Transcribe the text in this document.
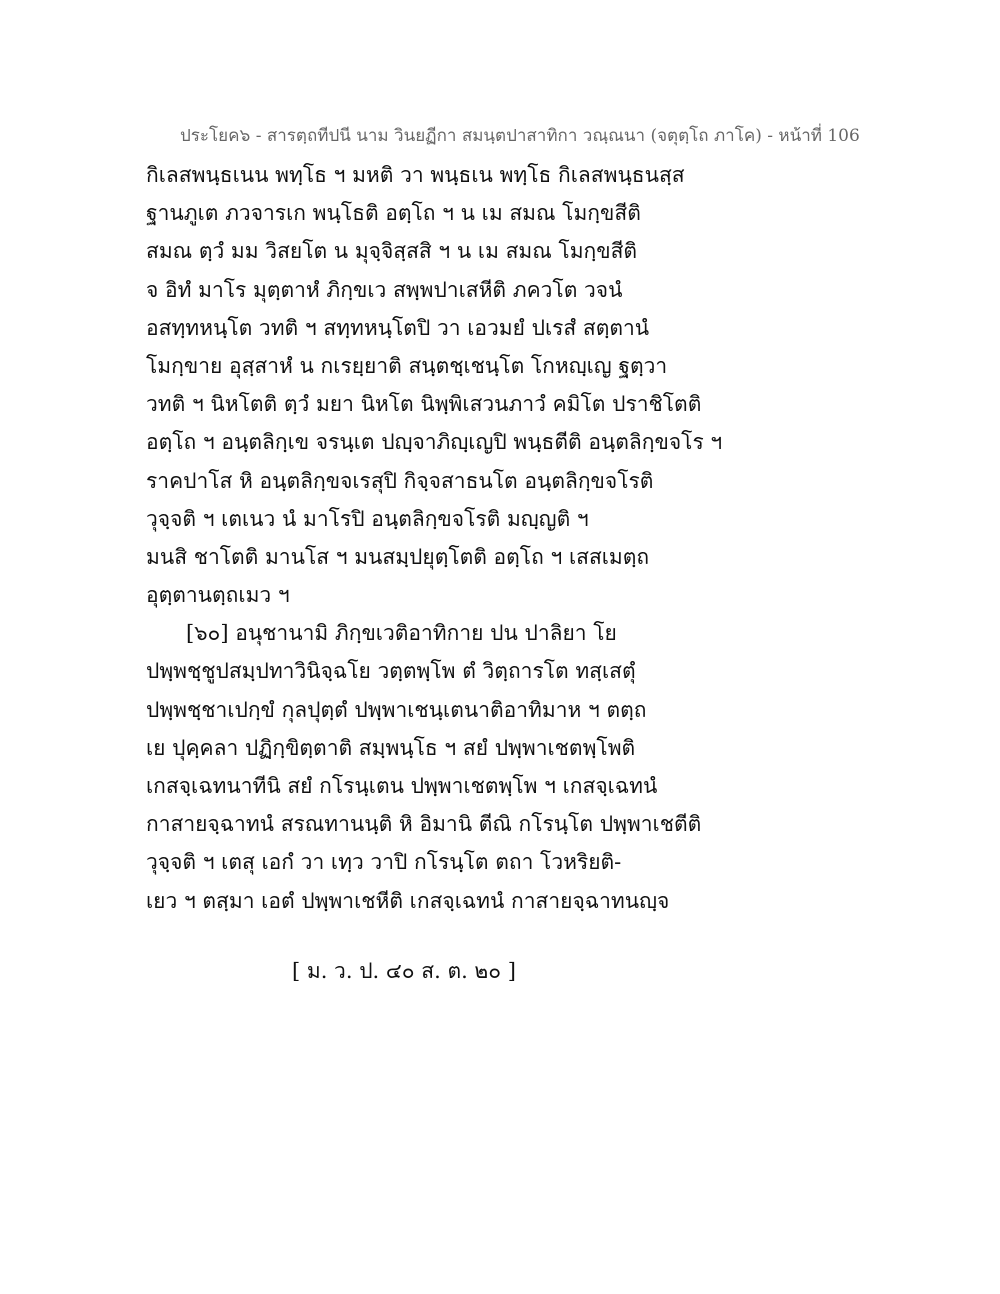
ประโยค๖ - สารตฺถทีปนี นาม วินยฏีกา สมนฺตปาสาทิกา วณฺณนา (จตุตฺโถ ภาโค) - หน้าที่ 106
กิเลสพนฺธเนน พทฺโธ ฯ มหติ วา พนฺธเน พทฺโธ กิเลสพนฺธนสฺส
ฐานภูเต ภวจารเก พนฺโธติ อตฺโถ ฯ น เม สมณ โมกฺขสีติ
สมณ ตฺวํ มม วิสยโต น มุจฺจิสฺสสิ ฯ น เม สมณ โมกฺขสีติ
จ อิทํ มาโร มุตฺตาหํ ภิกฺขเว สพฺพปาเสหีติ ภควโต วจนํ
อสทฺทหนฺโต วทติ ฯ สทฺทหนฺโตปิ วา เอวมยํ ปเรสํ สตฺตานํ
โมกฺขาย อุสฺสาหํ น กเรยฺยาติ สนฺตชฺเชนฺโต โกหญฺเญ ฐตฺวา
วทติ ฯ นิหโตติ ตฺวํ มยา นิหโต นิพฺพิเสวนภาวํ คมิโต ปราชิโตติ
อตฺโถ ฯ อนฺตลิกฺเข จรนฺเต ปญฺจาภิญฺเญปิ พนฺธตีติ อนฺตลิกฺขจโร ฯ
ราคปาโส หิ อนฺตลิกฺขจเรสุปิ กิจฺจสาธนโต อนฺตลิกฺขจโรติ
วุจฺจติ ฯ เตเนว นํ มาโรปิ อนฺตลิกฺขจโรติ มญฺญติ ฯ
มนสิ ชาโตติ มานโส ฯ มนสมฺปยุตฺโตติ อตฺโถ ฯ เสสเมตฺถ
อุตฺตานตฺถเมว ฯ
[๖๐] อนุชานามิ ภิกฺขเวติอาทิกาย ปน ปาลิยา โย
ปพฺพชฺชูปสมฺปทาวินิจฺฉโย วตฺตพฺโพ ตํ วิตฺถารโต ทสฺเสตุํ
ปพฺพชฺชาเปกฺขํ กุลปุตฺตํ ปพฺพาเชนฺเตนาติอาทิมาห ฯ ตตฺถ
เย ปุคฺคลา ปฏิกฺขิตฺตาติ สมฺพนฺโธ ฯ สยํ ปพฺพาเชตพฺโพติ
เกสจฺเฉทนาทีนิ สยํ กโรนฺเตน ปพฺพาเชตพฺโพ ฯ เกสจฺเฉทนํ
กาสายจฺฉาทนํ สรณทานนฺติ หิ อิมานิ ตีณิ กโรนฺโต ปพฺพาเชตีติ
วุจฺจติ ฯ เตสุ เอกํ วา เทฺว วาปิ กโรนฺโต ตถา โวหริยติ-
เยว ฯ ตสฺมา เอตํ ปพฺพาเชหีติ เกสจฺเฉทนํ กาสายจฺฉาทนญฺจ
[ ม. ว. ป. ๔๐ ส. ต. ๒๐ ]
